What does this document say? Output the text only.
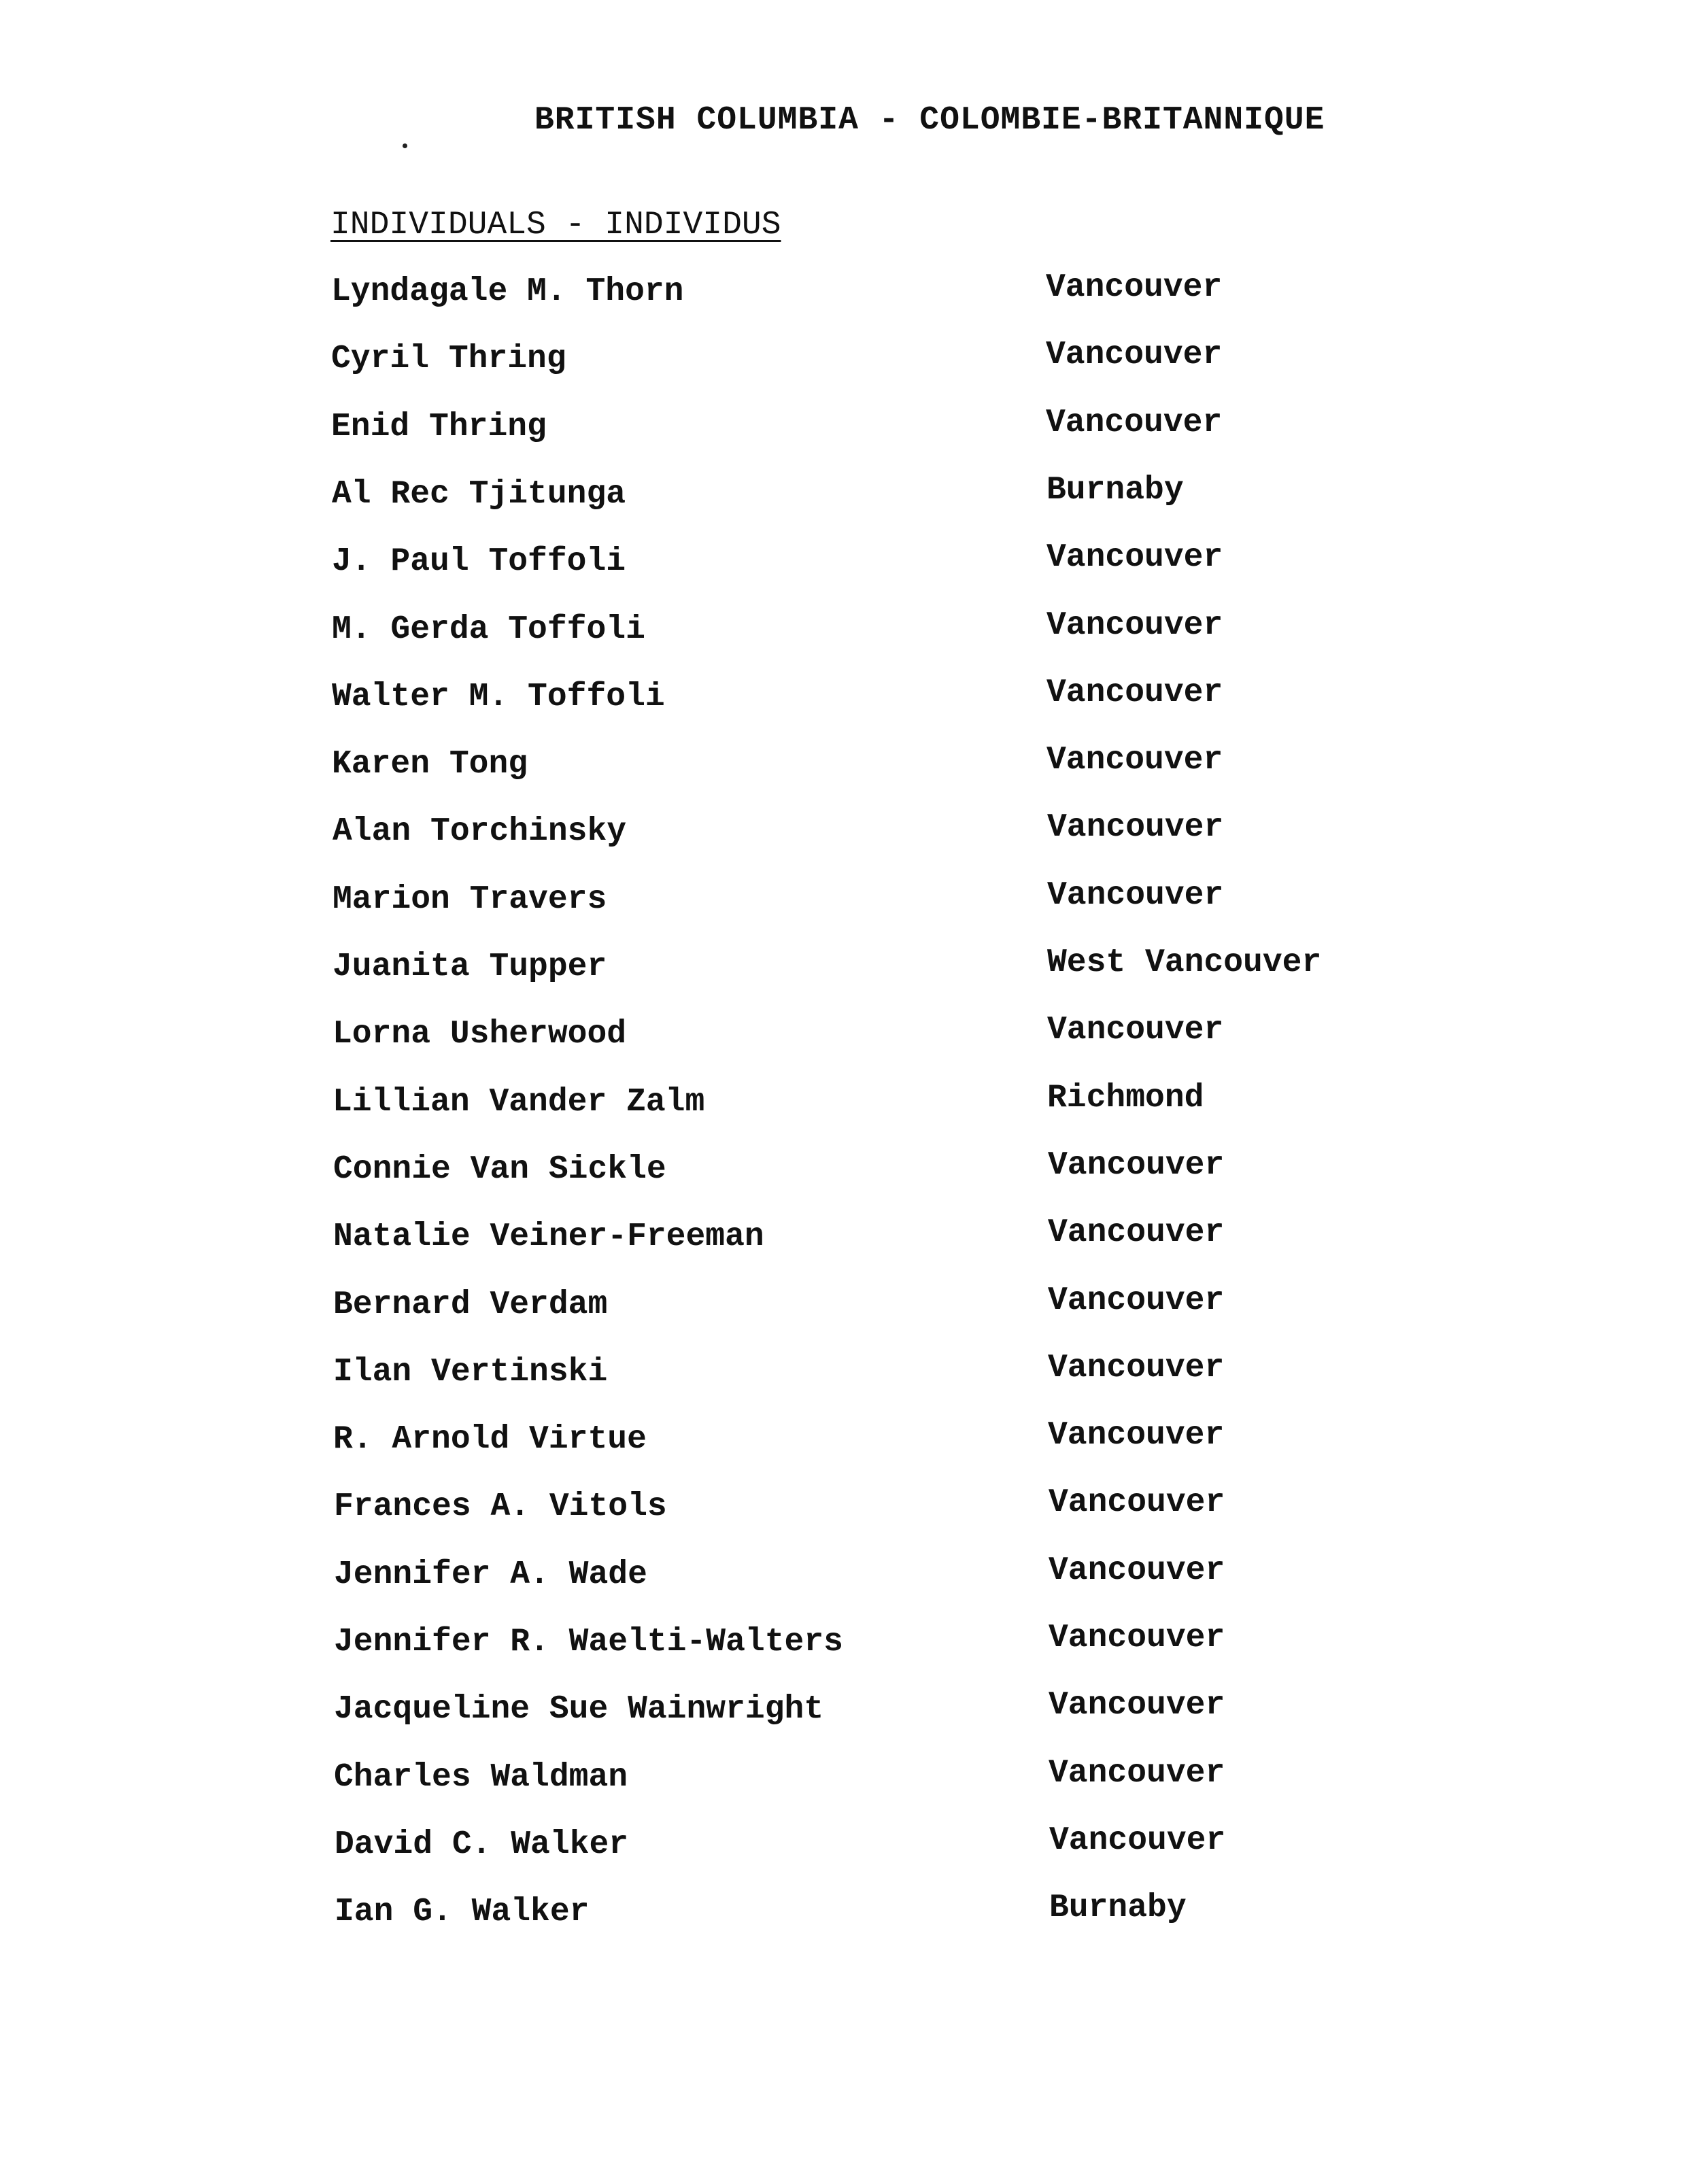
BRITISH COLUMBIA - COLOMBIE-BRITANNIQUE
INDIVIDUALS - INDIVIDUS
Lyndagale M. Thorn	Vancouver
Cyril Thring	Vancouver
Enid Thring	Vancouver
Al Rec Tjitunga	Burnaby
J. Paul Toffoli	Vancouver
M. Gerda Toffoli	Vancouver
Walter M. Toffoli	Vancouver
Karen Tong	Vancouver
Alan Torchinsky	Vancouver
Marion Travers	Vancouver
Juanita Tupper	West Vancouver
Lorna Usherwood	Vancouver
Lillian Vander Zalm	Richmond
Connie Van Sickle	Vancouver
Natalie Veiner-Freeman	Vancouver
Bernard Verdam	Vancouver
Ilan Vertinski	Vancouver
R. Arnold Virtue	Vancouver
Frances A. Vitols	Vancouver
Jennifer A. Wade	Vancouver
Jennifer R. Waelti-Walters	Vancouver
Jacqueline Sue Wainwright	Vancouver
Charles Waldman	Vancouver
David C. Walker	Vancouver
Ian G. Walker	Burnaby
